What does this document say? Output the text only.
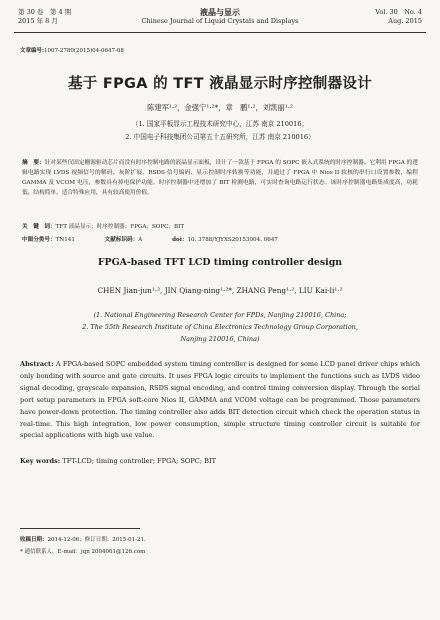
第 30 卷　第 4 期
2015 年 8 月
液晶与显示
Chinese Journal of Liquid Crystals and Displays
Vol. 30　No. 4
Aug. 2015
文章编号:1007-2780(2015)04-0647-08
基于 FPGA 的 TFT 液晶显示时序控制器设计
陈建军¹·²，金强宁¹·²*，章　鹏¹·²，刘凯丽¹·²
（1. 国家平板显示工程技术研究中心，江苏 南京 210016；
2. 中国电子科技集团公司第五十五研究所，江苏 南京 210016）
摘　要：针对某些仅固定栅源驱动芯片而没有时序控制电路的液晶显示面板，设计了一款基于 FPGA 的 SOPC 嵌入式系统的时序控制器。它利用 FPGA 的逻辑电路实现 LVDS 视频信号的解码、灰阶扩展、RSDS 信号编码、显示控制时序转换等功能，并通过了 FPGA 中 Nios II 软核的串行口设置参数，编程 GAMMA 及 VCOM 电压，参数具有掉电保护功能。时序控制器中还增加了 BIT 检测电路，可实时查询电路运行状态。该时序控制器电路集成度高，功耗低，结构简单，适合特殊应用，具有较高使用价值。
关　键　词：TFT 液晶显示；时序控制器；FPGA；SOPC；BIT
中图分类号：TN141	文献标识码：A	doi：10. 3788/YJYXS20153004. 0647
FPGA-based TFT LCD timing controller design
CHEN Jian-jun¹·², JIN Qiang-ning¹·²*, ZHANG Peng¹·², LIU Kai-li¹·²
(1. National Engineering Research Center for FPDs, Nanjing 210016, China;
2. The 55th Research Institute of China Electronics Technology Group Corporation,
Nanjing 210016, China)
Abstract: A FPGA-based SOPC embedded system timing controller is designed for some LCD panel driver chips which only bonding with source and gate circuits. It uses FPGA logic circuits to implement the functions such as LVDS video signal decoding, grayscale expansion, RSDS signal encoding, and control timing conversion display. Through the serial port setup parameters in FPGA soft-core Nios II, GAMMA and VCOM voltage can be programmed. Those parameters have power-down protection. The timing controller also adds BIT detection circuit which check the operation status in real-time. This high integration, low power consumption, simple structure timing controller circuit is suitable for special applications with high use value.
Key words: TFT-LCD; timing controller; FPGA; SOPC; BIT
收稿日期：2014-12-06；修订日期：2015-01-21.
* 通信联系人，E-mail：jqn 2004061@126.com
